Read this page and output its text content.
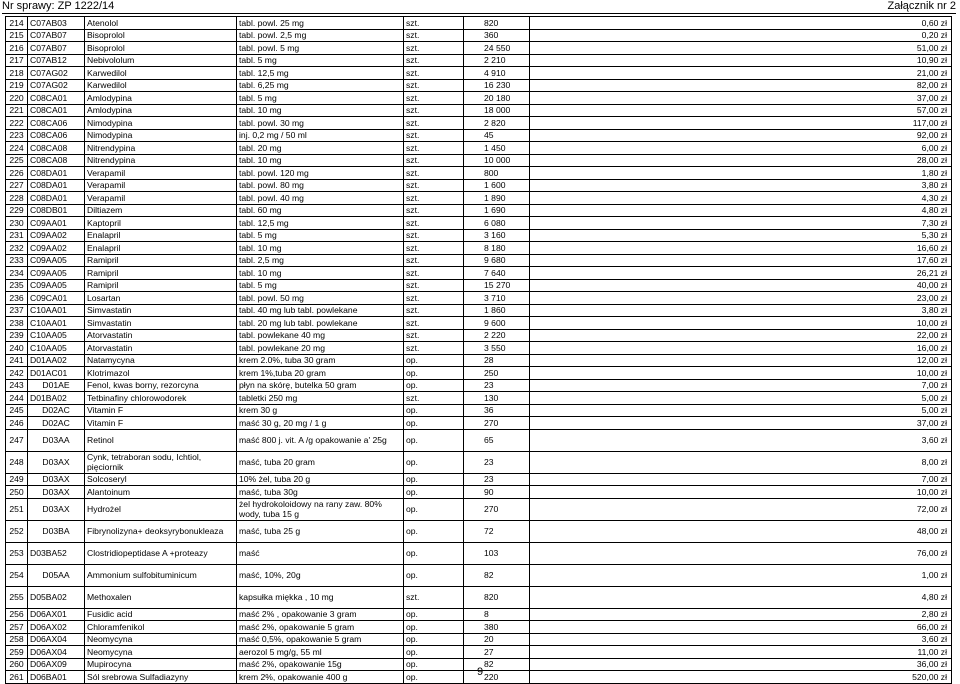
Nr sprawy: ZP 1222/14	Załącznik nr 2
214	C07AB03	Atenolol	tabl. powl. 25 mg	szt.	820	0,60 zł
215	C07AB07	Bisoprolol	tabl. powl. 2,5 mg	szt.	360	0,20 zł
216	C07AB07	Bisoprolol	tabl. powl. 5 mg	szt.	24 550	51,00 zł
217	C07AB12	Nebivololum	tabl. 5 mg	szt.	2 210	10,90 zł
218	C07AG02	Karwedilol	tabl. 12,5 mg	szt.	4 910	21,00 zł
219	C07AG02	Karwedilol	tabl. 6,25 mg	szt.	16 230	82,00 zł
220	C08CA01	Amlodypina	tabl. 5 mg	szt.	20 180	37,00 zł
221	C08CA01	Amlodypina	tabl. 10 mg	szt.	18 000	57,00 zł
222	C08CA06	Nimodypina	tabl. powl. 30 mg	szt.	2 820	117,00 zł
223	C08CA06	Nimodypina	inj. 0,2 mg / 50 ml	szt.	45	92,00 zł
224	C08CA08	Nitrendypina	tabl. 20 mg	szt.	1 450	6,00 zł
225	C08CA08	Nitrendypina	tabl. 10 mg	szt.	10 000	28,00 zł
226	C08DA01	Verapamil	tabl. powl. 120 mg	szt.	800	1,80 zł
227	C08DA01	Verapamil	tabl. powl. 80 mg	szt.	1 600	3,80 zł
228	C08DA01	Verapamil	tabl. powl. 40 mg	szt.	1 890	4,30 zł
229	C08DB01	Diltiazem	tabl. 60 mg	szt.	1 690	4,80 zł
230	C09AA01	Kaptopril	tabl. 12,5 mg	szt.	6 080	7,30 zł
231	C09AA02	Enalapril	tabl. 5 mg	szt.	3 160	5,30 zł
232	C09AA02	Enalapril	tabl. 10 mg	szt.	8 180	16,60 zł
233	C09AA05	Ramipril	tabl. 2,5 mg	szt.	9 680	17,60 zł
234	C09AA05	Ramipril	tabl. 10 mg	szt.	7 640	26,21 zł
235	C09AA05	Ramipril	tabl. 5 mg	szt.	15 270	40,00 zł
236	C09CA01	Losartan	tabl. powl. 50 mg	szt.	3 710	23,00 zł
237	C10AA01	Simvastatin	tabl. 40 mg lub tabl. powlekane	szt.	1 860	3,80 zł
238	C10AA01	Simvastatin	tabl. 20 mg lub tabl. powlekane	szt.	9 600	10,00 zł
239	C10AA05	Atorvastatin	tabl. powlekane 40 mg	szt.	2 220	22,00 zł
240	C10AA05	Atorvastatin	tabl. powlekane 20 mg	szt.	3 550	16,00 zł
241	D01AA02	Natamycyna	krem 2.0%, tuba 30 gram	op.	28	12,00 zł
242	D01AC01	Klotrimazol	krem 1%,tuba 20 gram	op.	250	10,00 zł
243	D01AE	Fenol, kwas borny, rezorcyna	płyn na skórę, butelka 50 gram	op.	23	7,00 zł
244	D01BA02	Tetbinafiny chlorowodorek	tabletki 250 mg	szt.	130	5,00 zł
245	D02AC	Vitamin F	krem 30 g	op.	36	5,00 zł
246	D02AC	Vitamin F	maść 30 g, 20 mg / 1 g	op.	270	37,00 zł
247	D03AA	Retinol	maść 800 j. vit. A /g opakowanie a' 25g	op.	65	3,60 zł
248	D03AX	Cynk, tetraboran sodu, Ichtiol, pięciornik	maść, tuba 20 gram	op.	23	8,00 zł
249	D03AX	Solcoseryl	10% żel, tuba 20 g	op.	23	7,00 zł
250	D03AX	Alantoinum	maść, tuba 30g	op.	90	10,00 zł
251	D03AX	Hydrożel	żel hydrokoloidowy na rany zaw. 80% wody, tuba 15 g	op.	270	72,00 zł
252	D03BA	Fibrynolizyna+ deoksyrybonukleaza	maść, tuba 25 g	op.	72	48,00 zł
253	D03BA52	Clostridiopeptidase A +proteazy	maść	op.	103	76,00 zł
254	D05AA	Ammonium sulfobituminicum	maść, 10%, 20g	op.	82	1,00 zł
255	D05BA02	Methoxalen	kapsułka miękka , 10 mg	szt.	820	4,80 zł
256	D06AX01	Fusidic acid	maść 2% , opakowanie 3 gram	op.	8	2,80 zł
257	D06AX02	Chloramfenikol	maść 2%, opakowanie 5 gram	op.	380	66,00 zł
258	D06AX04	Neomycyna	maść 0,5%, opakowanie 5 gram	op.	20	3,60 zł
259	D06AX04	Neomycyna	aerozol 5 mg/g, 55 ml	op.	27	11,00 zł
260	D06AX09	Mupirocyna	maść 2%, opakowanie 15g	op.	82	36,00 zł
261	D06BA01	Sól srebrowa Sulfadiazyny	krem 2%, opakowanie 400 g	op.	220	520,00 zł
9
